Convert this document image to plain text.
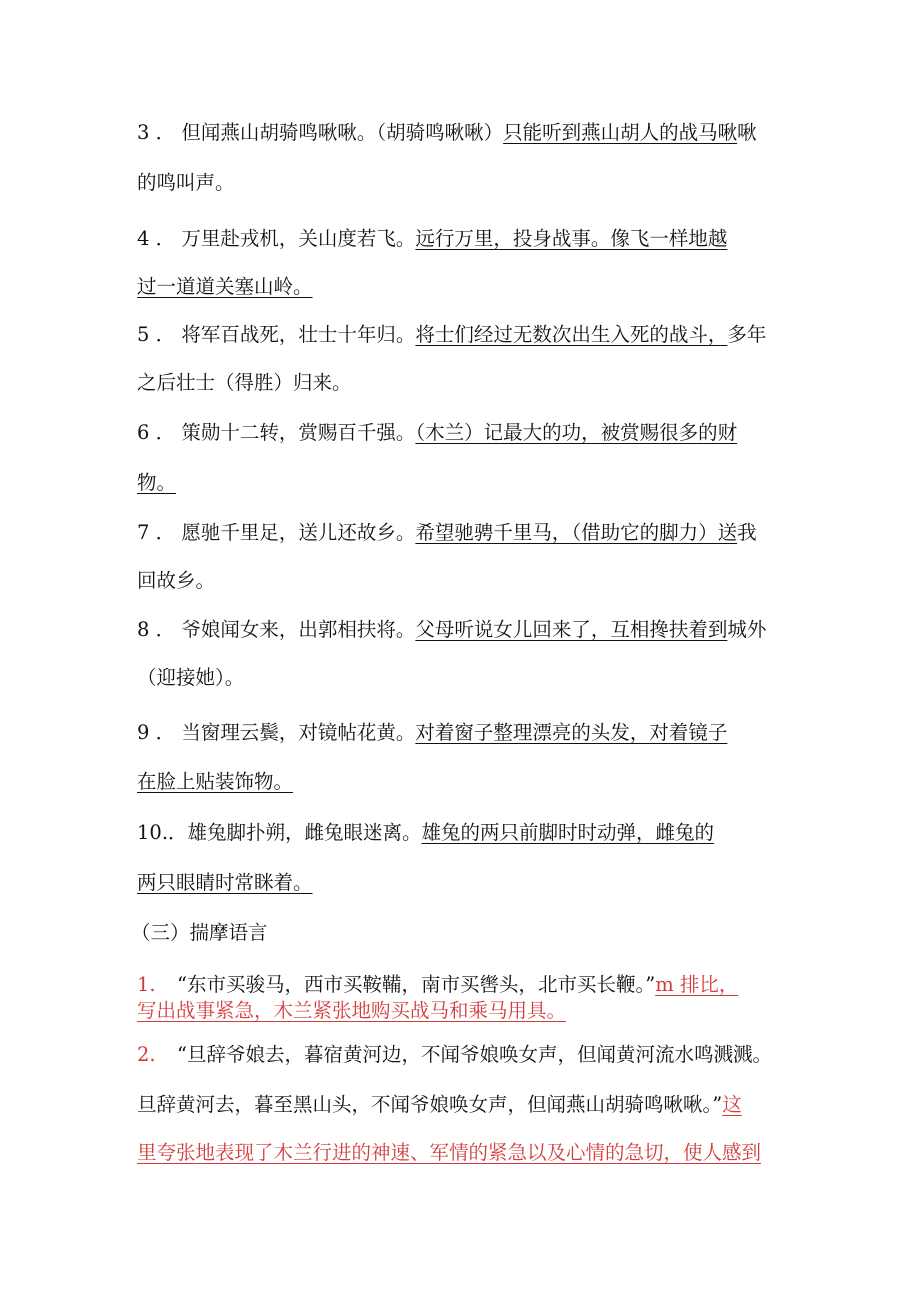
3 ． 但闻燕山胡骑鸣啾啾。（胡骑鸣啾啾）只能听到燕山胡人的战马啾啾
的鸣叫声。
4 ． 万里赴戎机，关山度若飞。远行万里，投身战事。像飞一样地越
过一道道关塞山岭。
5 ． 将军百战死，壮士十年归。将士们经过无数次出生入死的战斗，多年
之后壮士（得胜）归来。
6 ． 策勋十二转，赏赐百千强。（木兰）记最大的功，被赏赐很多的财
物。
7 ． 愿驰千里足，送儿还故乡。希望驰骋千里马，（借助它的脚力）送我
回故乡。
8 ． 爷娘闻女来，出郭相扶将。父母听说女儿回来了，互相搀扶着到城外
（迎接她）。
9 ． 当窗理云鬓，对镜帖花黄。对着窗子整理漂亮的头发，对着镜子
在脸上贴装饰物。
10.．雄兔脚扑朔，雌兔眼迷离。雄兔的两只前脚时时动弹，雌兔的
两只眼睛时常眯着。
（三）揣摩语言
1. “东市买骏马，西市买鞍鞴，南市买辔头，北市买长鞭。”m 排比，
写出战事紧急，木兰紧张地购买战马和乘马用具。
2. “旦辞爷娘去，暮宿黄河边，不闻爷娘唤女声，但闻黄河流水鸣溅溅。
旦辞黄河去，暮至黑山头，不闻爷娘唤女声，但闻燕山胡骑鸣啾啾。”这
里夸张地表现了木兰行进的神速、军情的紧急以及心情的急切，使人感到
